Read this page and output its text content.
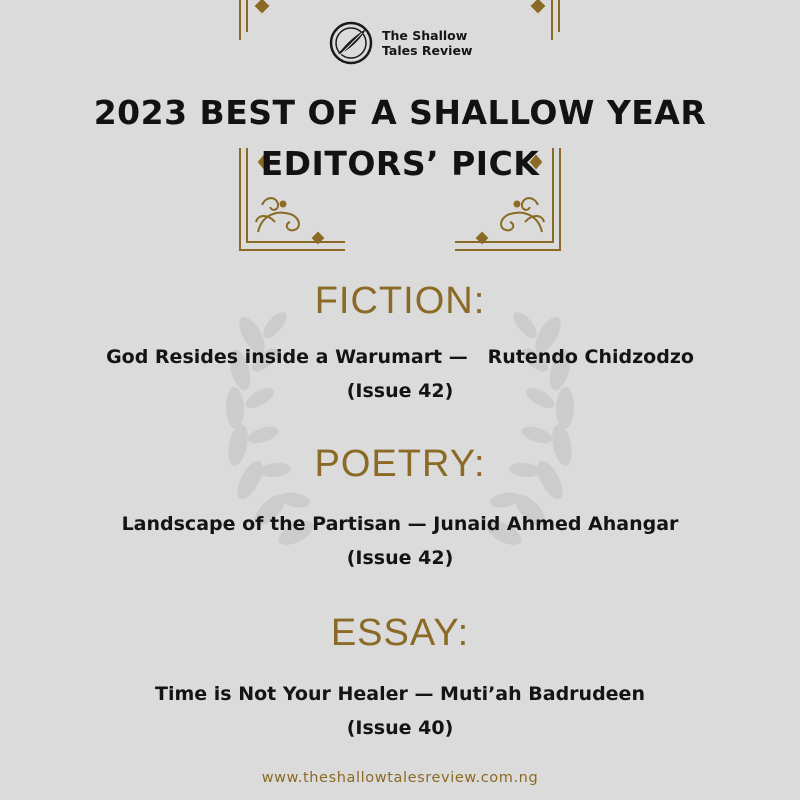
The Shallow
Tales Review
2023 BEST OF A SHALLOW YEAR
EDITORS’ PICK
FICTION:
God Resides inside a Warumart —   Rutendo Chidzodzo
(Issue 42)
POETRY:
Landscape of the Partisan — Junaid Ahmed Ahangar
(Issue 42)
ESSAY:
Time is Not Your Healer — Muti’ah Badrudeen
(Issue 40)
www.theshallowtalesreview.com.ng
